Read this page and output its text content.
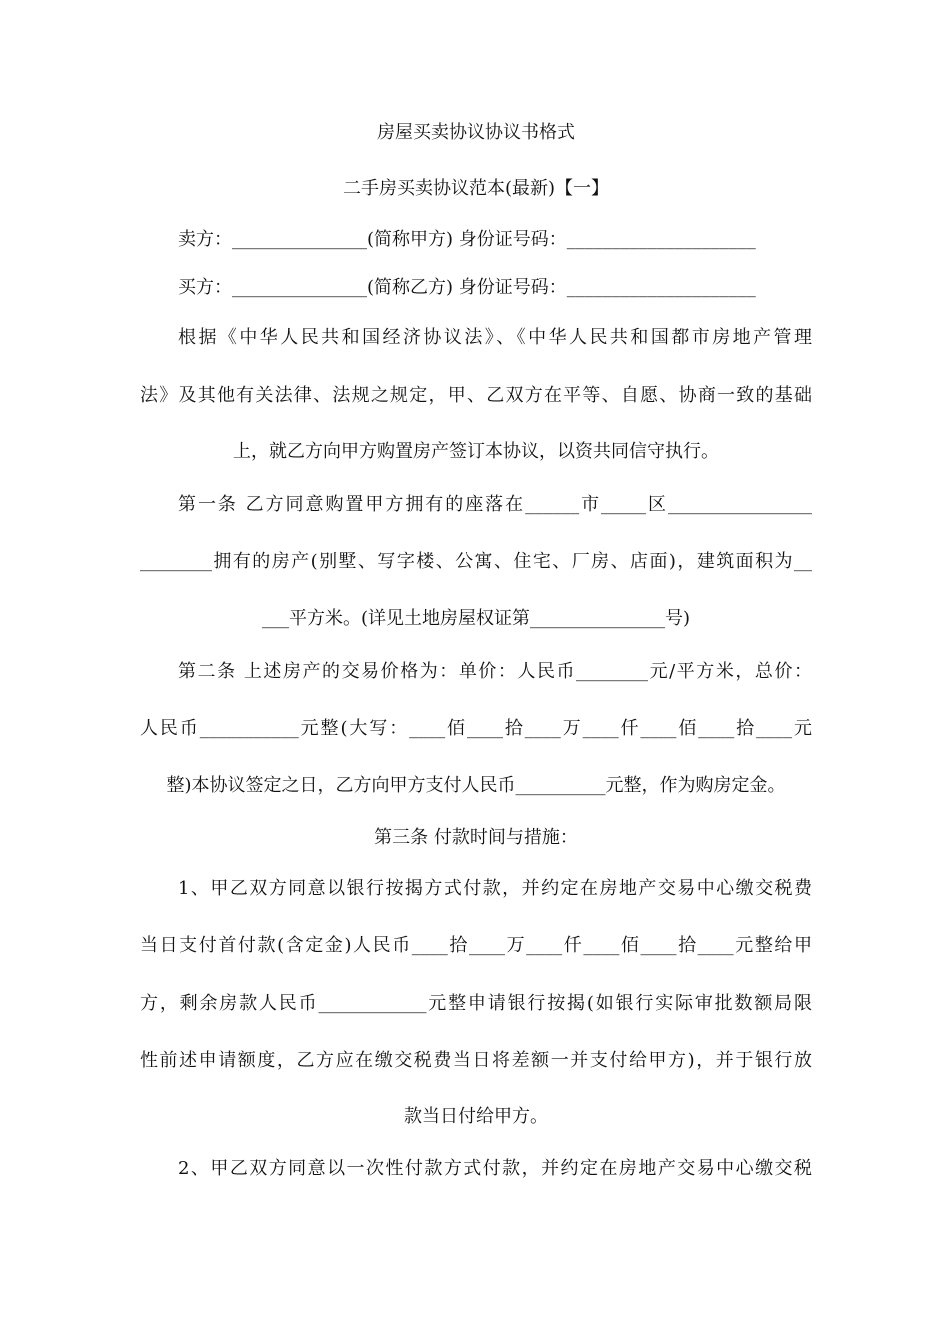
房屋买卖协议协议书格式
二手房买卖协议范本(最新)【一】
卖方：_______________(简称甲方) 身份证号码：_____________________
买方：_______________(简称乙方) 身份证号码：_____________________
根据《中华人民共和国经济协议法》、《中华人民共和国都市房地产管理
法》及其他有关法律、法规之规定，甲、乙双方在平等、自愿、协商一致的基础
上，就乙方向甲方购置房产签订本协议，以资共同信守执行。
第一条 乙方同意购置甲方拥有的座落在______市_____区________________
________拥有的房产(别墅、写字楼、公寓、住宅、厂房、店面)，建筑面积为__
___平方米。(详见土地房屋权证第_______________号)
第二条 上述房产的交易价格为：单价：人民币________元/平方米，总价：
人民币___________元整(大写：____佰____拾____万____仟____佰____拾____元
整)本协议签定之日，乙方向甲方支付人民币__________元整，作为购房定金。
第三条 付款时间与措施：
1、甲乙双方同意以银行按揭方式付款，并约定在房地产交易中心缴交税费
当日支付首付款(含定金)人民币____拾____万____仟____佰____拾____元整给甲
方，剩余房款人民币____________元整申请银行按揭(如银行实际审批数额局限
性前述申请额度，乙方应在缴交税费当日将差额一并支付给甲方)，并于银行放
款当日付给甲方。
2、甲乙双方同意以一次性付款方式付款，并约定在房地产交易中心缴交税
